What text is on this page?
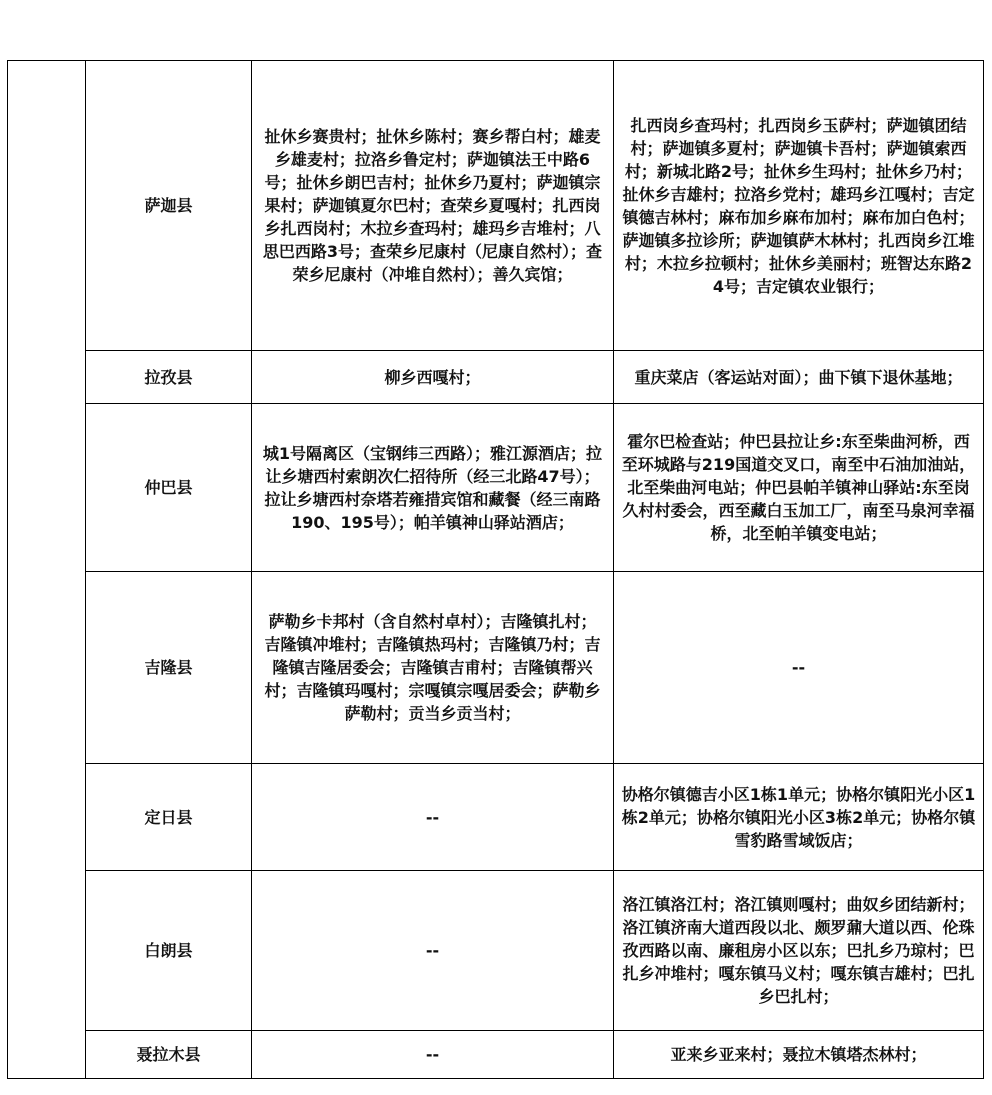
	萨迦县	扯休乡赛贵村；扯休乡陈村；赛乡帮白村；雄麦乡雄麦村；拉洛乡鲁定村；萨迦镇法王中路6号；扯休乡朗巴吉村；扯休乡乃夏村；萨迦镇宗果村；萨迦镇夏尔巴村；查荣乡夏嘎村；扎西岗乡扎西岗村；木拉乡查玛村；雄玛乡吉堆村；八思巴西路3号；查荣乡尼康村（尼康自然村）；查荣乡尼康村（冲堆自然村）；善久宾馆；	扎西岗乡查玛村；扎西岗乡玉萨村；萨迦镇团结村；萨迦镇多夏村；萨迦镇卡吾村；萨迦镇索西村；新城北路2号；扯休乡生玛村；扯休乡乃村；扯休乡吉雄村；拉洛乡党村；雄玛乡江嘎村；吉定镇德吉林村；麻布加乡麻布加村；麻布加白色村；萨迦镇多拉诊所；萨迦镇萨木林村；扎西岗乡江堆村；木拉乡拉顿村；扯休乡美丽村；班智达东路24号；吉定镇农业银行；
	拉孜县	柳乡西嘎村；	重庆菜店（客运站对面）；曲下镇下退休基地；
	仲巴县	城1号隔离区（宝钢纬三西路）；雅江源酒店；拉让乡塘西村索朗次仁招待所（经三北路47号）；拉让乡塘西村奈塔若雍措宾馆和藏餐（经三南路190、195号）；帕羊镇神山驿站酒店；	霍尔巴检查站；仲巴县拉让乡:东至柴曲河桥，西至环城路与219国道交叉口，南至中石油加油站，北至柴曲河电站；仲巴县帕羊镇神山驿站:东至岗久村村委会，西至藏白玉加工厂，南至马泉河幸福桥，北至帕羊镇变电站；
	吉隆县	萨勒乡卡邦村（含自然村卓村）；吉隆镇扎村；吉隆镇冲堆村；吉隆镇热玛村；吉隆镇乃村；吉隆镇吉隆居委会；吉隆镇吉甫村；吉隆镇帮兴村；吉隆镇玛嘎村；宗嘎镇宗嘎居委会；萨勒乡萨勒村；贡当乡贡当村；	--
	定日县	--	协格尔镇德吉小区1栋1单元；协格尔镇阳光小区1栋2单元；协格尔镇阳光小区3栋2单元；协格尔镇雪豹路雪域饭店；
	白朗县	--	洛江镇洛江村；洛江镇则嘎村；曲奴乡团结新村；洛江镇济南大道西段以北、颇罗鼐大道以西、伦珠孜西路以南、廉租房小区以东；巴扎乡乃琼村；巴扎乡冲堆村；嘎东镇马义村；嘎东镇吉雄村；巴扎乡巴扎村；
	聂拉木县	--	亚来乡亚来村；聂拉木镇塔杰林村；
